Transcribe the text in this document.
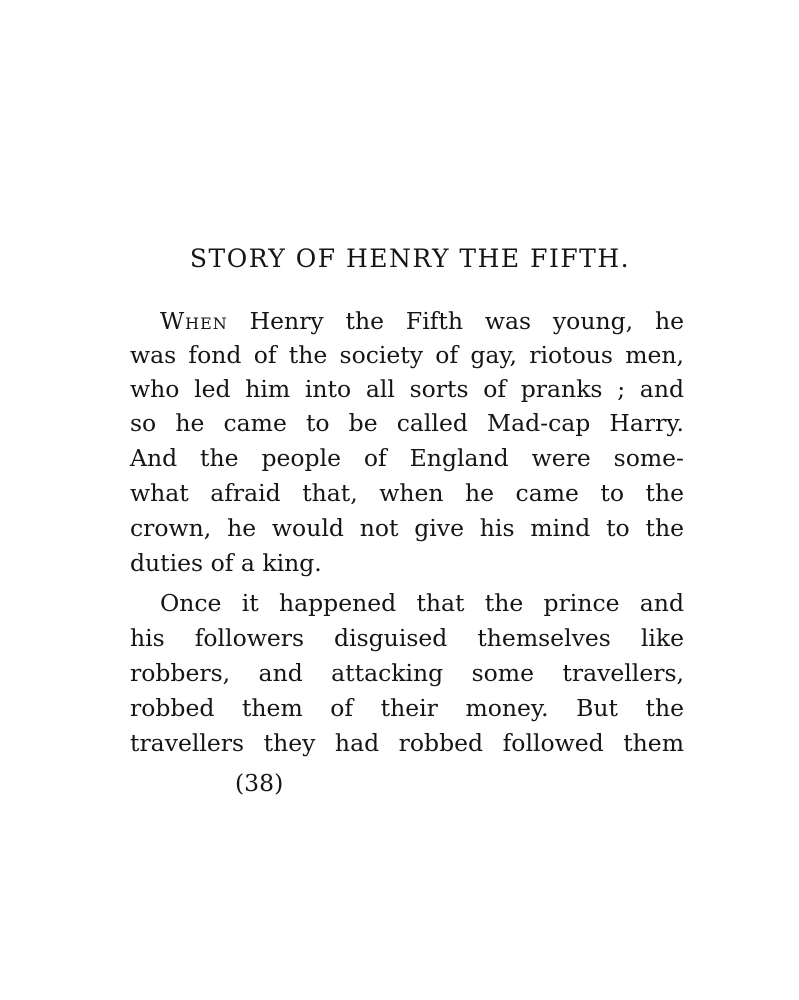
STORY OF HENRY THE FIFTH.
When Henry the Fifth was young, he
was fond of the society of gay, riotous men,
who led him into all sorts of pranks ; and
so he came to be called Mad-cap Harry.
And the people of England were some-
what afraid that, when he came to the
crown, he would not give his mind to the
duties of a king.
Once it happened that the prince and
his followers disguised themselves like
robbers, and attacking some travellers,
robbed them of their money. But the
travellers they had robbed followed them
(38)
